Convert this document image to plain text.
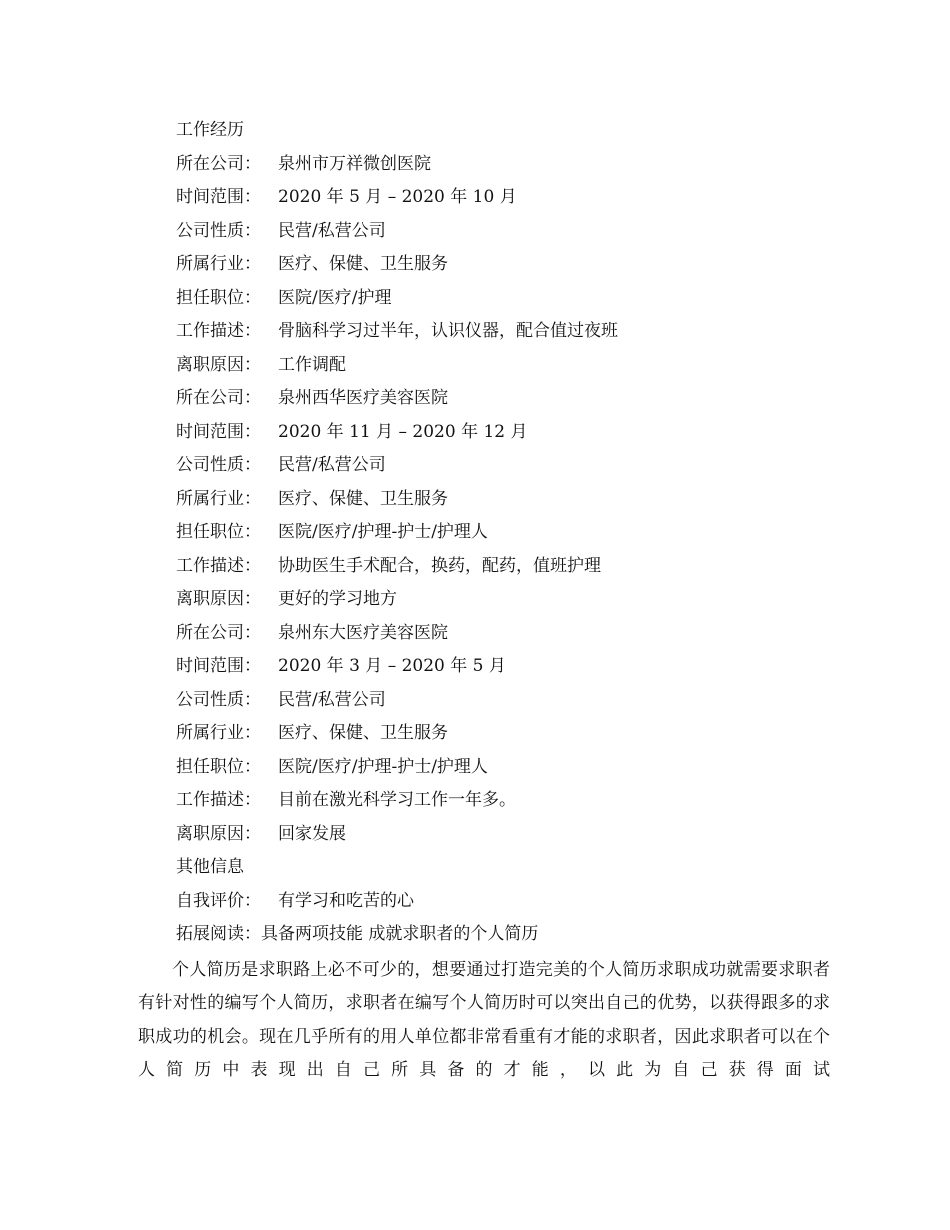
工作经历
所在公司： 泉州市万祥微创医院
时间范围： 2020 年 5 月 – 2020 年 10 月
公司性质： 民营/私营公司
所属行业： 医疗、保健、卫生服务
担任职位： 医院/医疗/护理
工作描述： 骨脑科学习过半年，认识仪器，配合值过夜班
离职原因： 工作调配
所在公司： 泉州西华医疗美容医院
时间范围： 2020 年 11 月 – 2020 年 12 月
公司性质： 民营/私营公司
所属行业： 医疗、保健、卫生服务
担任职位： 医院/医疗/护理-护士/护理人
工作描述： 协助医生手术配合，换药，配药，值班护理
离职原因： 更好的学习地方
所在公司： 泉州东大医疗美容医院
时间范围： 2020 年 3 月 – 2020 年 5 月
公司性质： 民营/私营公司
所属行业： 医疗、保健、卫生服务
担任职位： 医院/医疗/护理-护士/护理人
工作描述： 目前在激光科学习工作一年多。
离职原因： 回家发展
其他信息
自我评价： 有学习和吃苦的心
拓展阅读：具备两项技能 成就求职者的个人简历

个人简历是求职路上必不可少的，想要通过打造完美的个人简历求职成功就需要求职者有针对性的编写个人简历，求职者在编写个人简历时可以突出自己的优势，以获得跟多的求职成功的机会。现在几乎所有的用人单位都非常看重有才能的求职者，因此求职者可以在个人简历中表现出自己所具备的才能，以此为自己获得面试
